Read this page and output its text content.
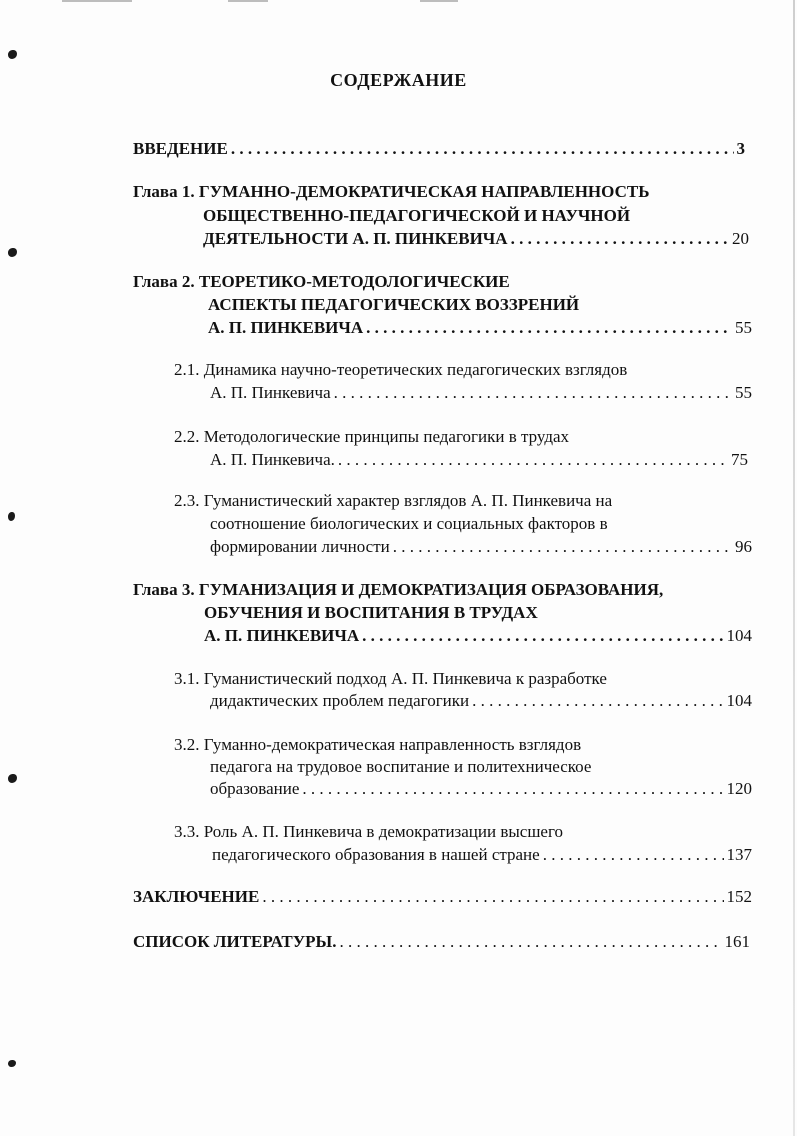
СОДЕРЖАНИЕ
ВВЕДЕНИЕ . . .	3
Глава 1. ГУМАННО-ДЕМОКРАТИЧЕСКАЯ НАПРАВЛЕННОСТЬ
ОБЩЕСТВЕННО-ПЕДАГОГИЧЕСКОЙ И НАУЧНОЙ
ДЕЯТЕЛЬНОСТИ А. П. ПИНКЕВИЧА . . .	20
Глава 2. ТЕОРЕТИКО-МЕТОДОЛОГИЧЕСКИЕ
АСПЕКТЫ ПЕДАГОГИЧЕСКИХ ВОЗЗРЕНИЙ
А. П. ПИНКЕВИЧА . . .	55
2.1. Динамика научно-теоретических педагогических взглядов
А. П. Пинкевича . . .	55
2.2. Методологические принципы педагогики в трудах
А. П. Пинкевича. . . .	75
2.3. Гуманистический характер взглядов А. П. Пинкевича на
соотношение биологических и социальных факторов в
формировании личности . . .	96
Глава 3. ГУМАНИЗАЦИЯ И ДЕМОКРАТИЗАЦИЯ ОБРАЗОВАНИЯ,
ОБУЧЕНИЯ И ВОСПИТАНИЯ В ТРУДАХ
А. П. ПИНКЕВИЧА . . .	104
3.1. Гуманистический подход А. П. Пинкевича к разработке
дидактических проблем педагогики . . .	104
3.2. Гуманно-демократическая направленность взглядов
педагога на трудовое воспитание и политехническое
образование . . .	120
3.3. Роль А. П. Пинкевича в демократизации высшего
педагогического образования в нашей стране . . .	137
ЗАКЛЮЧЕНИЕ . . .	152
СПИСОК ЛИТЕРАТУРЫ. . . .	161
